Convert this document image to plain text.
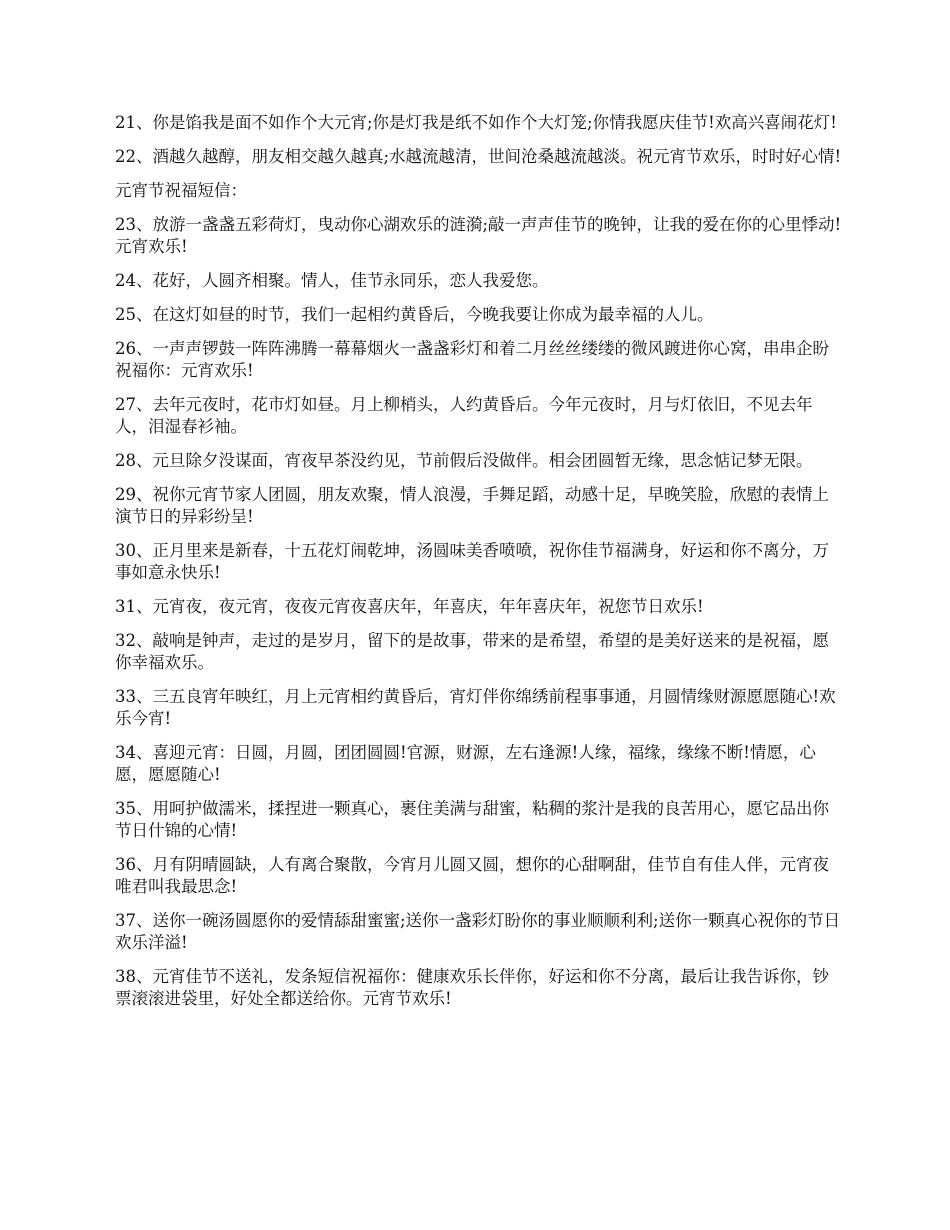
21、你是馅我是面不如作个大元宵;你是灯我是纸不如作个大灯笼;你情我愿庆佳节!欢高兴喜闹花灯!

22、酒越久越醇，朋友相交越久越真;水越流越清，世间沧桑越流越淡。祝元宵节欢乐，时时好心情!

元宵节祝福短信：

23、放游一盏盏五彩荷灯，曳动你心湖欢乐的涟漪;敲一声声佳节的晚钟，让我的爱在你的心里悸动!元宵欢乐!

24、花好，人圆齐相聚。情人，佳节永同乐，恋人我爱您。

25、在这灯如昼的时节，我们一起相约黄昏后，今晚我要让你成为最幸福的人儿。

26、一声声锣鼓一阵阵沸腾一幕幕烟火一盏盏彩灯和着二月丝丝缕缕的微风踱进你心窝，串串企盼祝福你：元宵欢乐!

27、去年元夜时，花市灯如昼。月上柳梢头，人约黄昏后。今年元夜时，月与灯依旧，不见去年人，泪湿春衫袖。

28、元旦除夕没谋面，宵夜早茶没约见，节前假后没做伴。相会团圆暂无缘，思念惦记梦无限。

29、祝你元宵节家人团圆，朋友欢聚，情人浪漫，手舞足蹈，动感十足，早晚笑脸，欣慰的表情上演节日的异彩纷呈!

30、正月里来是新春，十五花灯闹乾坤，汤圆味美香喷喷，祝你佳节福满身，好运和你不离分，万事如意永快乐!

31、元宵夜，夜元宵，夜夜元宵夜喜庆年，年喜庆，年年喜庆年，祝您节日欢乐!

32、敲响是钟声，走过的是岁月，留下的是故事，带来的是希望，希望的是美好送来的是祝福，愿你幸福欢乐。

33、三五良宵年映红，月上元宵相约黄昏后，宵灯伴你绵绣前程事事通，月圆情缘财源愿愿随心!欢乐今宵!

34、喜迎元宵：日圆，月圆，团团圆圆!官源，财源，左右逢源!人缘，福缘，缘缘不断!情愿，心愿，愿愿随心!

35、用呵护做濡米，揉捏进一颗真心，裹住美满与甜蜜，粘稠的浆汁是我的良苦用心，愿它品出你节日什锦的心情!

36、月有阴晴圆缺，人有离合聚散，今宵月儿圆又圆，想你的心甜啊甜，佳节自有佳人伴，元宵夜唯君叫我最思念!

37、送你一碗汤圆愿你的爱情舔甜蜜蜜;送你一盏彩灯盼你的事业顺顺利利;送你一颗真心祝你的节日欢乐洋溢!

38、元宵佳节不送礼，发条短信祝福你：健康欢乐长伴你，好运和你不分离，最后让我告诉你，钞票滚滚进袋里，好处全都送给你。元宵节欢乐!
